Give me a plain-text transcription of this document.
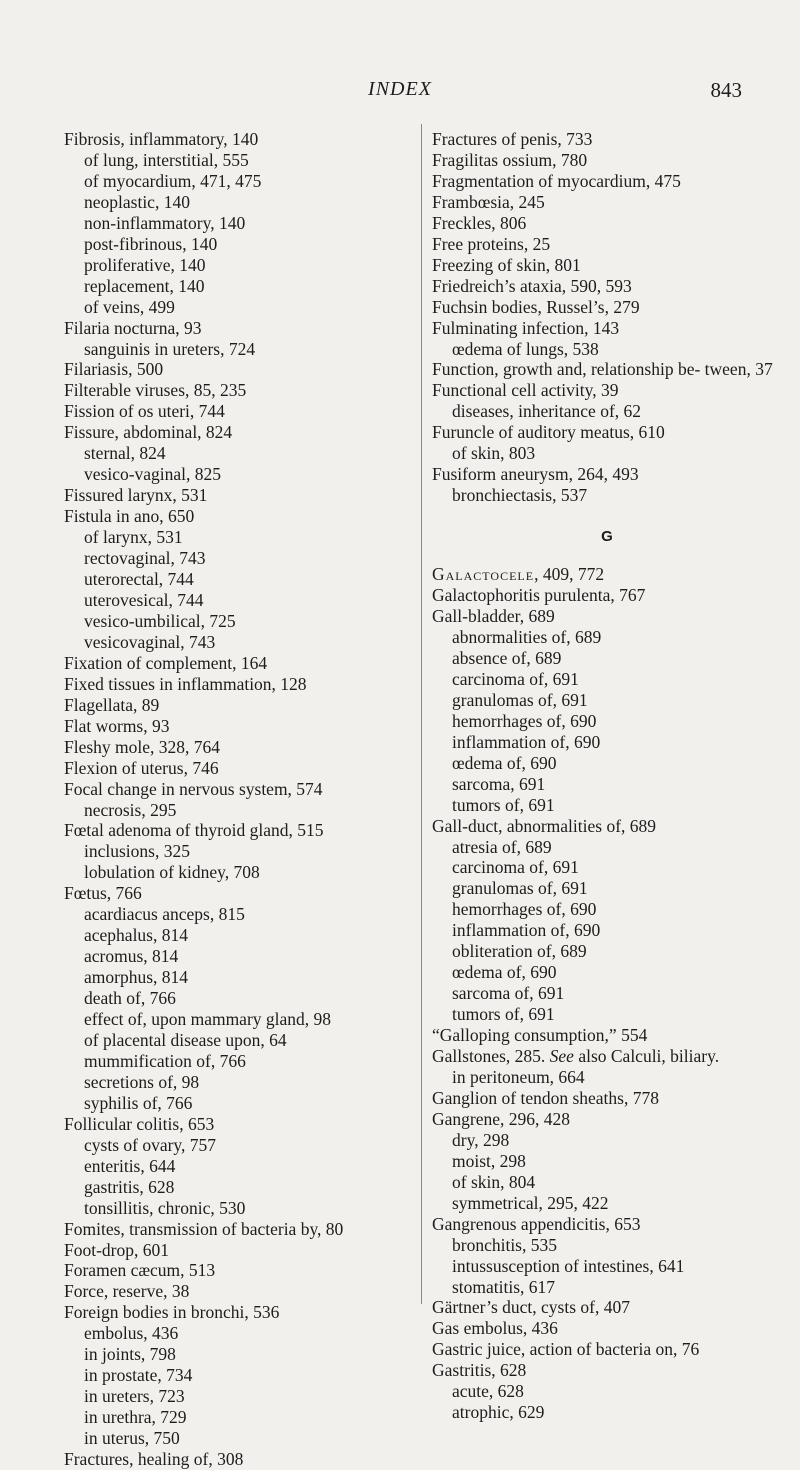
INDEX	843
Fibrosis, inflammatory, 140
of lung, interstitial, 555
of myocardium, 471, 475
neoplastic, 140
non-inflammatory, 140
post-fibrinous, 140
proliferative, 140
replacement, 140
of veins, 499
Filaria nocturna, 93
sanguinis in ureters, 724
Filariasis, 500
Filterable viruses, 85, 235
Fission of os uteri, 744
Fissure, abdominal, 824
sternal, 824
vesico-vaginal, 825
Fissured larynx, 531
Fistula in ano, 650
of larynx, 531
rectovaginal, 743
uterorectal, 744
uterovesical, 744
vesico-umbilical, 725
vesicovaginal, 743
Fixation of complement, 164
Fixed tissues in inflammation, 128
Flagellata, 89
Flat worms, 93
Fleshy mole, 328, 764
Flexion of uterus, 746
Focal change in nervous system, 574
necrosis, 295
Fœtal adenoma of thyroid gland, 515
inclusions, 325
lobulation of kidney, 708
Fœtus, 766
acardiacus anceps, 815
acephalus, 814
acromus, 814
amorphus, 814
death of, 766
effect of, upon mammary gland, 98
of placental disease upon, 64
mummification of, 766
secretions of, 98
syphilis of, 766
Follicular colitis, 653
cysts of ovary, 757
enteritis, 644
gastritis, 628
tonsillitis, chronic, 530
Fomites, transmission of bacteria by, 80
Foot-drop, 601
Foramen cæcum, 513
Force, reserve, 38
Foreign bodies in bronchi, 536
embolus, 436
in joints, 798
in prostate, 734
in ureters, 723
in urethra, 729
in uterus, 750
Fractures, healing of, 308
Fractures of penis, 733
Fragilitas ossium, 780
Fragmentation of myocardium, 475
Frambœsia, 245
Freckles, 806
Free proteins, 25
Freezing of skin, 801
Friedreich’s ataxia, 590, 593
Fuchsin bodies, Russel’s, 279
Fulminating infection, 143
œdema of lungs, 538
Function, growth and, relationship be- tween, 37
Functional cell activity, 39
diseases, inheritance of, 62
Furuncle of auditory meatus, 610
of skin, 803
Fusiform aneurysm, 264, 493
bronchiectasis, 537
G
Galactocele, 409, 772
Galactophoritis purulenta, 767
Gall-bladder, 689
abnormalities of, 689
absence of, 689
carcinoma of, 691
granulomas of, 691
hemorrhages of, 690
inflammation of, 690
œdema of, 690
sarcoma, 691
tumors of, 691
Gall-duct, abnormalities of, 689
atresia of, 689
carcinoma of, 691
granulomas of, 691
hemorrhages of, 690
inflammation of, 690
obliteration of, 689
œdema of, 690
sarcoma of, 691
tumors of, 691
“Galloping consumption,” 554
Gallstones, 285. See also Calculi, biliary.
in peritoneum, 664
Ganglion of tendon sheaths, 778
Gangrene, 296, 428
dry, 298
moist, 298
of skin, 804
symmetrical, 295, 422
Gangrenous appendicitis, 653
bronchitis, 535
intussusception of intestines, 641
stomatitis, 617
Gärtner’s duct, cysts of, 407
Gas embolus, 436
Gastric juice, action of bacteria on, 76
Gastritis, 628
acute, 628
atrophic, 629
